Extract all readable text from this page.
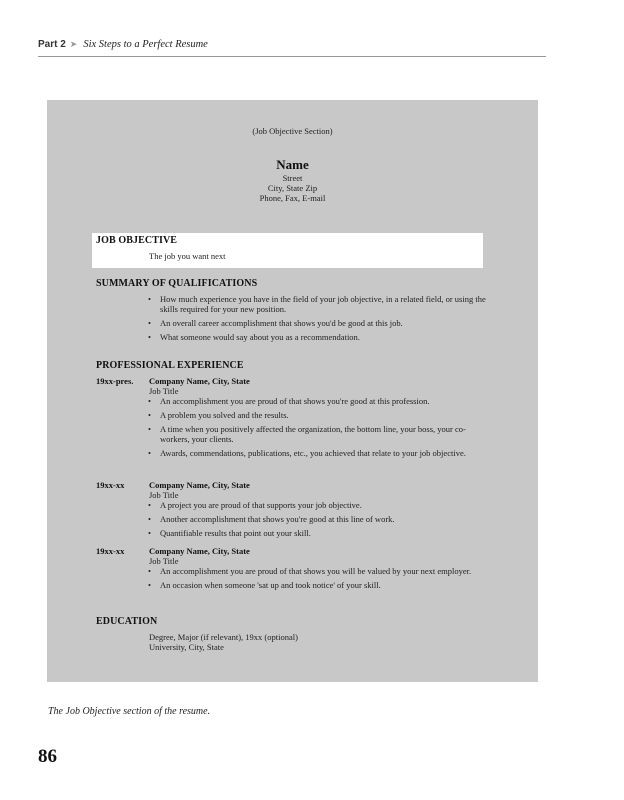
Part 2 ➤ Six Steps to a Perfect Resume
(Job Objective Section)
Name
Street
City, State Zip
Phone, Fax, E-mail
JOB OBJECTIVE
The job you want next
SUMMARY OF QUALIFICATIONS
• How much experience you have in the field of your job objective, in a related field, or using the skills required for your new position.
• An overall career accomplishment that shows you'd be good at this job.
• What someone would say about you as a recommendation.
PROFESSIONAL EXPERIENCE
19xx-pres. Company Name, City, State
Job Title
• An accomplishment you are proud of that shows you're good at this profession.
• A problem you solved and the results.
• A time when you positively affected the organization, the bottom line, your boss, your co-workers, your clients.
• Awards, commendations, publications, etc., you achieved that relate to your job objective.
19xx-xx	Company Name, City, State
Job Title
• A project you are proud of that supports your job objective.
• Another accomplishment that shows you're good at this line of work.
• Quantifiable results that point out your skill.
19xx-xx	Company Name, City, State
Job Title
• An accomplishment you are proud of that shows you will be valued by your next employer.
• An occasion when someone 'sat up and took notice' of your skill.
EDUCATION
Degree, Major (if relevant), 19xx (optional)
University, City, State
The Job Objective section of the resume.
86
